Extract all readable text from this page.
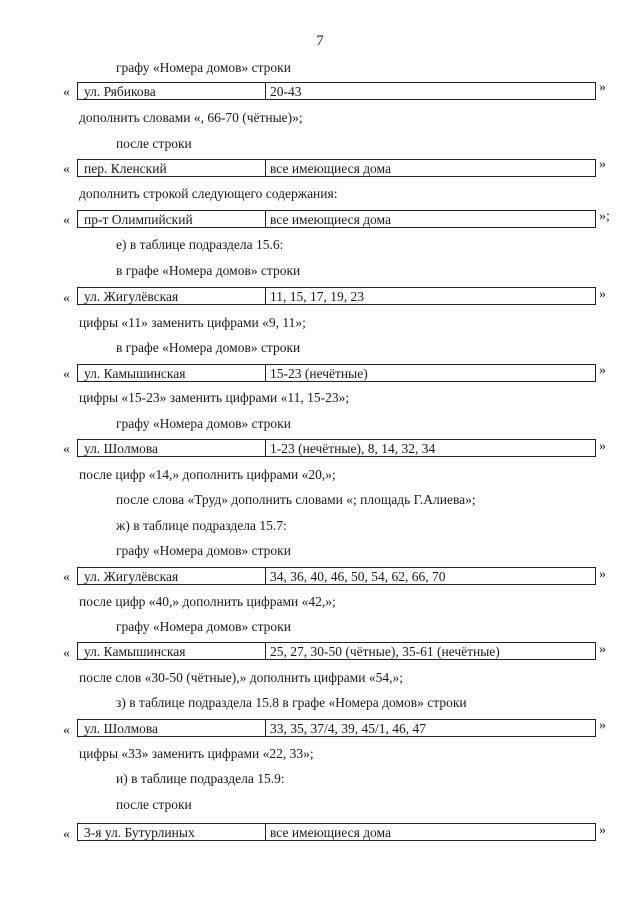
7
графу «Номера домов» строки
«	ул. Рябикова	20-43	»
дополнить словами «, 66-70 (чётные)»;
после строки
«	пер. Кленский	все имеющиеся дома	»
дополнить строкой следующего содержания:
«	пр-т Олимпийский	все имеющиеся дома	»;
е) в таблице подраздела 15.6:
в графе «Номера домов» строки
«	ул. Жигулёвская	11, 15, 17, 19, 23	»
цифры «11» заменить цифрами «9, 11»;
в графе «Номера домов» строки
«	ул. Камышинская	15-23 (нечётные)	»
цифры «15-23» заменить цифрами «11, 15-23»;
графу «Номера домов» строки
«	ул. Шолмова	1-23 (нечётные), 8, 14, 32, 34	»
после цифр «14,» дополнить цифрами «20,»;
после слова «Труд» дополнить словами «; площадь Г.Алиева»;
ж) в таблице подраздела 15.7:
графу «Номера домов» строки
«	ул. Жигулёвская	34, 36, 40, 46, 50, 54, 62, 66, 70	»
после цифр «40,» дополнить цифрами «42,»;
графу «Номера домов» строки
«	ул. Камышинская	25, 27, 30-50 (чётные), 35-61 (нечётные)	»
после слов «30-50 (чётные),» дополнить цифрами «54,»;
з) в таблице подраздела 15.8 в графе «Номера домов» строки
«	ул. Шолмова	33, 35, 37/4, 39, 45/1, 46, 47	»
цифры «33» заменить цифрами «22, 33»;
и) в таблице подраздела 15.9:
после строки
«	3-я ул. Бутурлиных	все имеющиеся дома	»
